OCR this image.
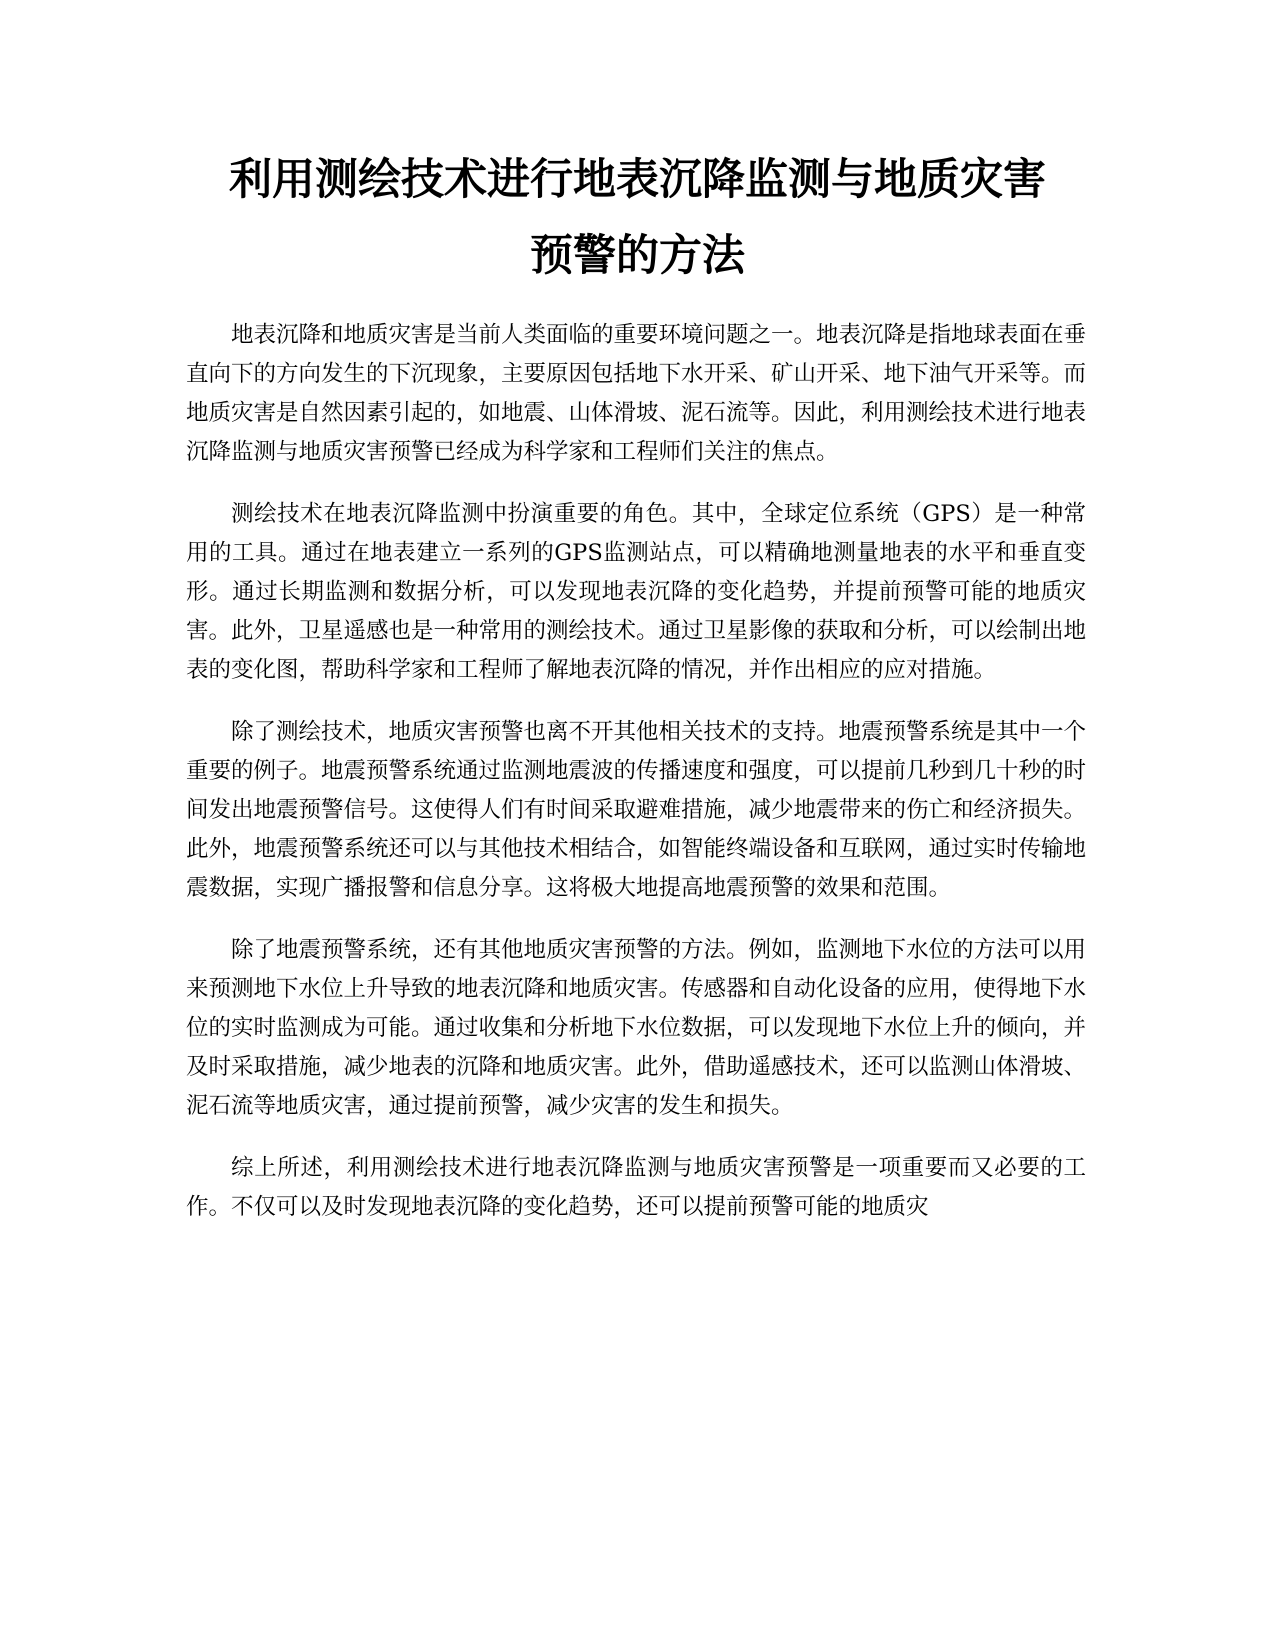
利用测绘技术进行地表沉降监测与地质灾害
预警的方法

地表沉降和地质灾害是当前人类面临的重要环境问题之一。地表沉降是指地球表面在垂直向下的方向发生的下沉现象，主要原因包括地下水开采、矿山开采、地下油气开采等。而地质灾害是自然因素引起的，如地震、山体滑坡、泥石流等。因此，利用测绘技术进行地表沉降监测与地质灾害预警已经成为科学家和工程师们关注的焦点。

测绘技术在地表沉降监测中扮演重要的角色。其中，全球定位系统（GPS）是一种常用的工具。通过在地表建立一系列的GPS监测站点，可以精确地测量地表的水平和垂直变形。通过长期监测和数据分析，可以发现地表沉降的变化趋势，并提前预警可能的地质灾害。此外，卫星遥感也是一种常用的测绘技术。通过卫星影像的获取和分析，可以绘制出地表的变化图，帮助科学家和工程师了解地表沉降的情况，并作出相应的应对措施。

除了测绘技术，地质灾害预警也离不开其他相关技术的支持。地震预警系统是其中一个重要的例子。地震预警系统通过监测地震波的传播速度和强度，可以提前几秒到几十秒的时间发出地震预警信号。这使得人们有时间采取避难措施，减少地震带来的伤亡和经济损失。此外，地震预警系统还可以与其他技术相结合，如智能终端设备和互联网，通过实时传输地震数据，实现广播报警和信息分享。这将极大地提高地震预警的效果和范围。

除了地震预警系统，还有其他地质灾害预警的方法。例如，监测地下水位的方法可以用来预测地下水位上升导致的地表沉降和地质灾害。传感器和自动化设备的应用，使得地下水位的实时监测成为可能。通过收集和分析地下水位数据，可以发现地下水位上升的倾向，并及时采取措施，减少地表的沉降和地质灾害。此外，借助遥感技术，还可以监测山体滑坡、泥石流等地质灾害，通过提前预警，减少灾害的发生和损失。

综上所述，利用测绘技术进行地表沉降监测与地质灾害预警是一项重要而又必要的工作。不仅可以及时发现地表沉降的变化趋势，还可以提前预警可能的地质灾
